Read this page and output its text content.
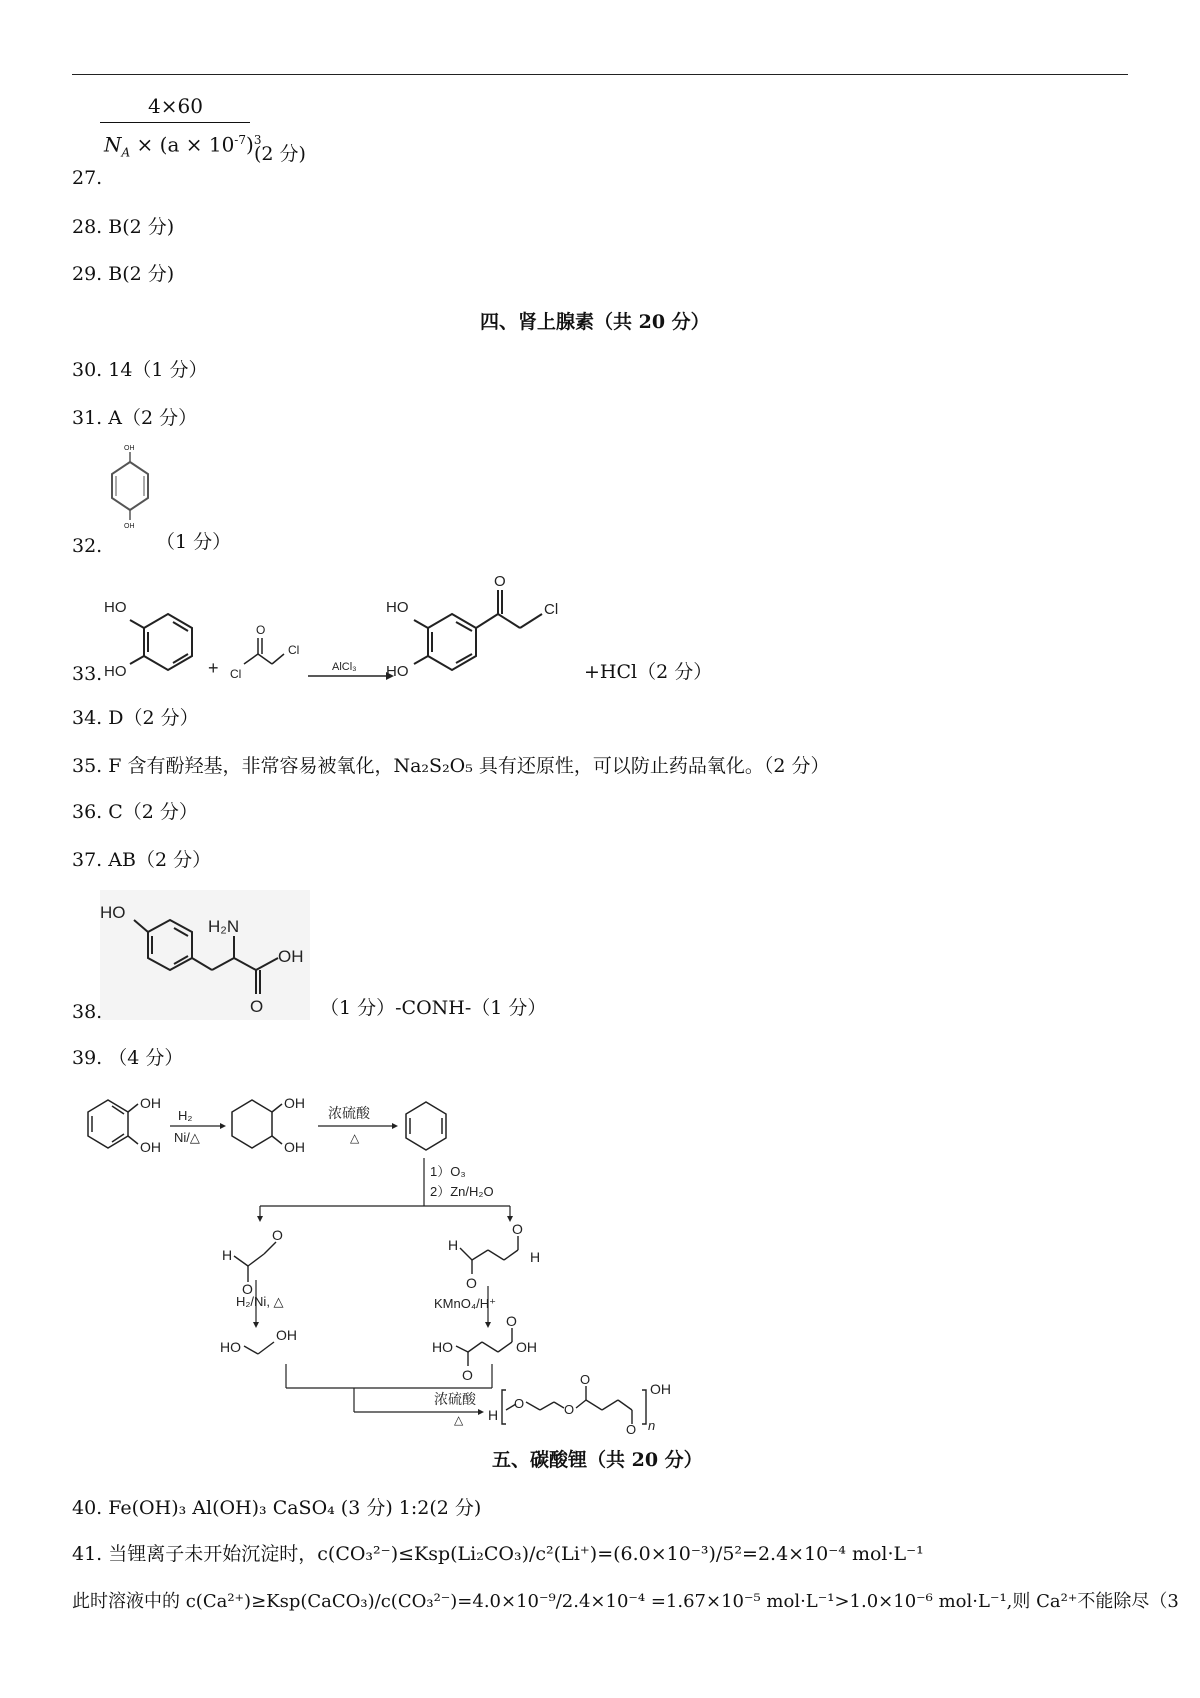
4×60
$N_A \times (a \times 10^{-7})^3$
(2 分)
27.
28. B(2 分)
29. B(2 分)
四、肾上腺素（共 20 分）
30. 14（1 分）
31. A（2 分）
OH
OH
32.	（1 分）
HO
HO	+
O
Cl
Cl
AlCl₃
HO
HO
O
Cl
33.	+HCl（2 分）
34. D（2 分）
35. F 含有酚羟基，非常容易被氧化，Na₂S₂O₅ 具有还原性，可以防止药品氧化。（2 分）
36. C（2 分）
37. AB（2 分）
HO
H₂N
OH
O
38.	（1 分）-CONH-（1 分）
39. （4 分）
OH
OH
H₂
Ni/△
OH
OH
浓硫酸
△
1）O₃
2）Zn/H₂O
H
O
O
H
O
O
H
H₂/Ni, △	KMnO₄/H⁺
HO
OH
HO
O
O
OH
浓硫酸
△ H
O	O
O
O n
OH
五、碳酸锂（共 20 分）
40. Fe(OH)₃ Al(OH)₃ CaSO₄ (3 分) 1:2(2 分)
41. 当锂离子未开始沉淀时，c(CO₃²⁻)≤Ksp(Li₂CO₃)/c²(Li⁺)=(6.0×10⁻³)/5²=2.4×10⁻⁴ mol·L⁻¹
此时溶液中的 c(Ca²⁺)≥Ksp(CaCO₃)/c(CO₃²⁻)=4.0×10⁻⁹/2.4×10⁻⁴ =1.67×10⁻⁵ mol·L⁻¹>1.0×10⁻⁶ mol·L⁻¹,则 Ca²⁺不能除尽（3
